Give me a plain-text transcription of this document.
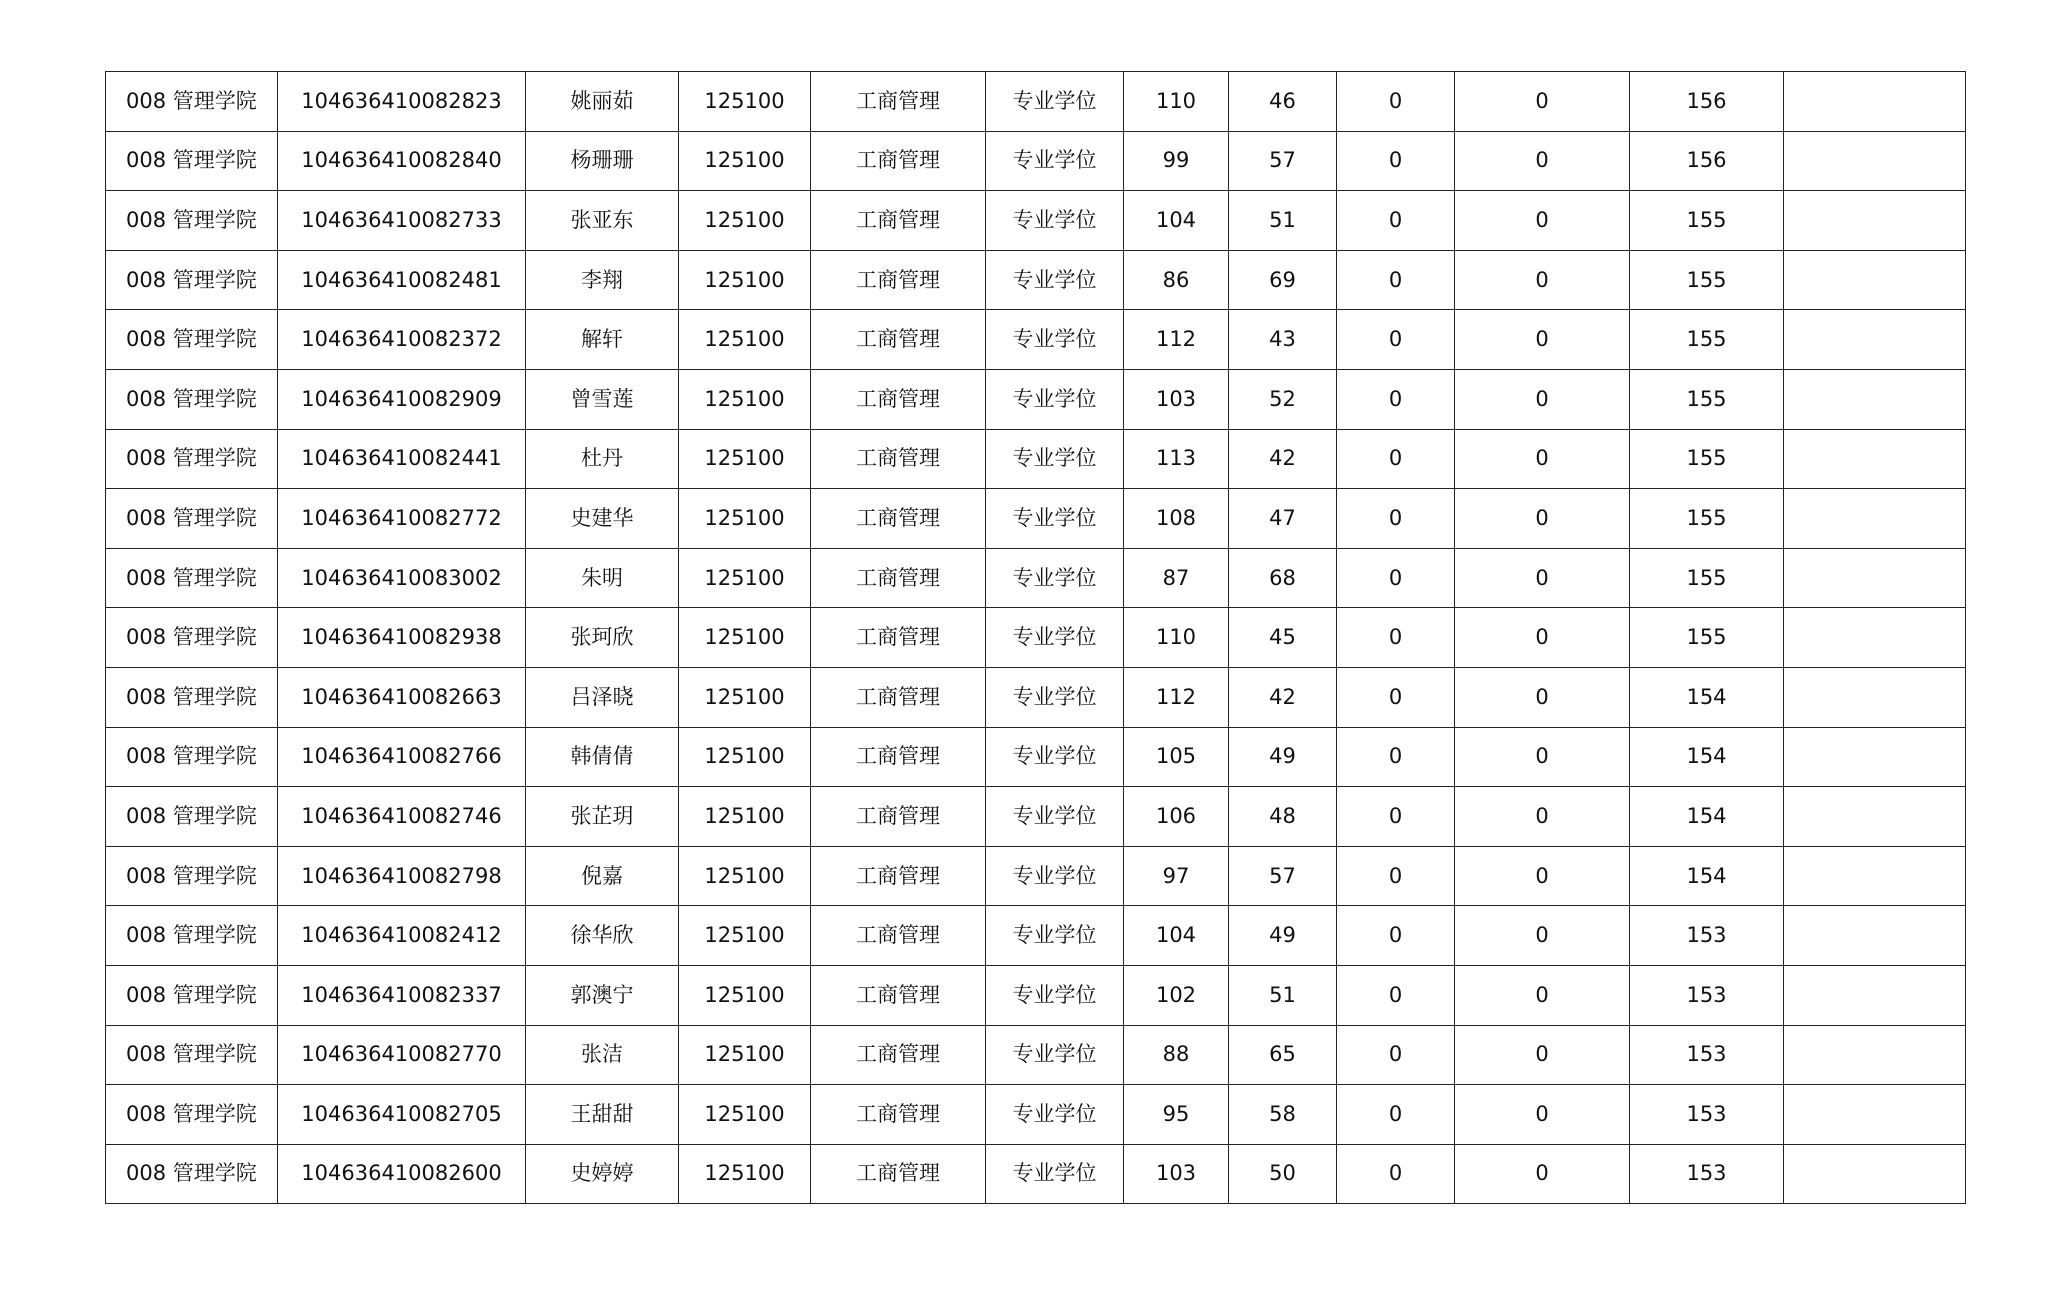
008 管理学院	104636410082823	姚丽茹	125100	工商管理	专业学位	110	46	0	0	156	
008 管理学院	104636410082840	杨珊珊	125100	工商管理	专业学位	99	57	0	0	156	
008 管理学院	104636410082733	张亚东	125100	工商管理	专业学位	104	51	0	0	155	
008 管理学院	104636410082481	李翔	125100	工商管理	专业学位	86	69	0	0	155	
008 管理学院	104636410082372	解轩	125100	工商管理	专业学位	112	43	0	0	155	
008 管理学院	104636410082909	曾雪莲	125100	工商管理	专业学位	103	52	0	0	155	
008 管理学院	104636410082441	杜丹	125100	工商管理	专业学位	113	42	0	0	155	
008 管理学院	104636410082772	史建华	125100	工商管理	专业学位	108	47	0	0	155	
008 管理学院	104636410083002	朱明	125100	工商管理	专业学位	87	68	0	0	155	
008 管理学院	104636410082938	张珂欣	125100	工商管理	专业学位	110	45	0	0	155	
008 管理学院	104636410082663	吕泽晓	125100	工商管理	专业学位	112	42	0	0	154	
008 管理学院	104636410082766	韩倩倩	125100	工商管理	专业学位	105	49	0	0	154	
008 管理学院	104636410082746	张芷玥	125100	工商管理	专业学位	106	48	0	0	154	
008 管理学院	104636410082798	倪嘉	125100	工商管理	专业学位	97	57	0	0	154	
008 管理学院	104636410082412	徐华欣	125100	工商管理	专业学位	104	49	0	0	153	
008 管理学院	104636410082337	郭澳宁	125100	工商管理	专业学位	102	51	0	0	153	
008 管理学院	104636410082770	张洁	125100	工商管理	专业学位	88	65	0	0	153	
008 管理学院	104636410082705	王甜甜	125100	工商管理	专业学位	95	58	0	0	153	
008 管理学院	104636410082600	史婷婷	125100	工商管理	专业学位	103	50	0	0	153	
